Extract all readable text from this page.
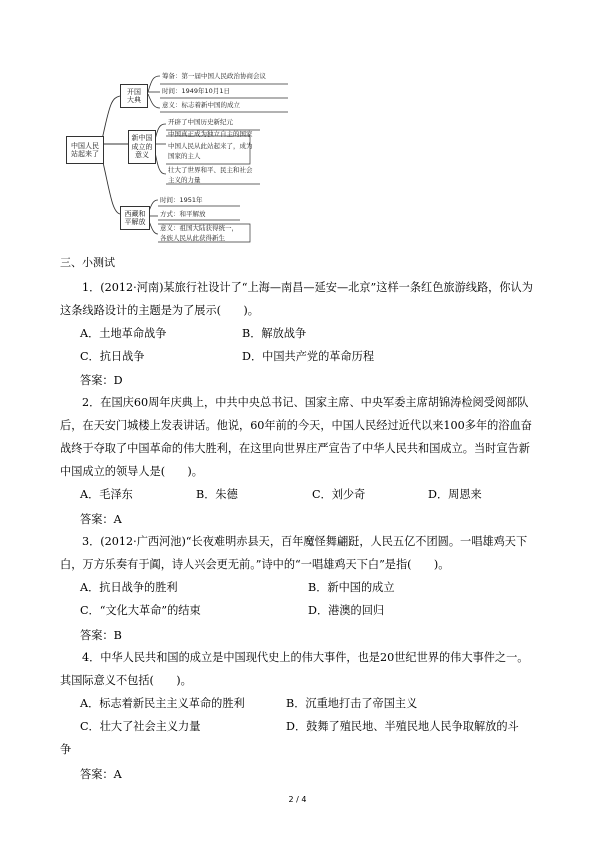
中国人民
站起来了
开国
大典
筹备：第一届中国人民政治协商会议
时间：1949年10月1日
意义：标志着新中国的成立
新中国
成立的
意义
开辟了中国历史新纪元
中国真正成为独立自主的国家
中国人民从此站起来了，成为
国家的主人
壮大了世界和平、民主和社会
主义的力量
西藏和
平解放
时间：1951年
方式：和平解放
意义：祖国大陆获得统一，
各族人民从此获得新生
三、小测试
1．(2012·河南)某旅行社设计了“上海—南昌—延安—北京”这样一条红色旅游线路，你认为这条线路设计的主题是为了展示(　　)。
A．土地革命战争	B．解放战争
C．抗日战争	D．中国共产党的革命历程
答案：D
2．在国庆60周年庆典上，中共中央总书记、国家主席、中央军委主席胡锦涛检阅受阅部队后，在天安门城楼上发表讲话。他说，60年前的今天，中国人民经过近代以来100多年的浴血奋战终于夺取了中国革命的伟大胜利，在这里向世界庄严宣告了中华人民共和国成立。当时宣告新中国成立的领导人是(　　)。
A．毛泽东	B．朱德	C．刘少奇	D．周恩来
答案：A
3．(2012·广西河池)“长夜难明赤县天，百年魔怪舞翩跹，人民五亿不团圆。一唱雄鸡天下白，万方乐奏有于阗，诗人兴会更无前。”诗中的“一唱雄鸡天下白”是指(　　)。
A．抗日战争的胜利	B．新中国的成立
C．“文化大革命”的结束	D．港澳的回归
答案：B
4．中华人民共和国的成立是中国现代史上的伟大事件，也是20世纪世界的伟大事件之一。其国际意义不包括(　　)。
A．标志着新民主主义革命的胜利	B．沉重地打击了帝国主义
C．壮大了社会主义力量	D．鼓舞了殖民地、半殖民地人民争取解放的斗
争
答案：A
2 / 4
